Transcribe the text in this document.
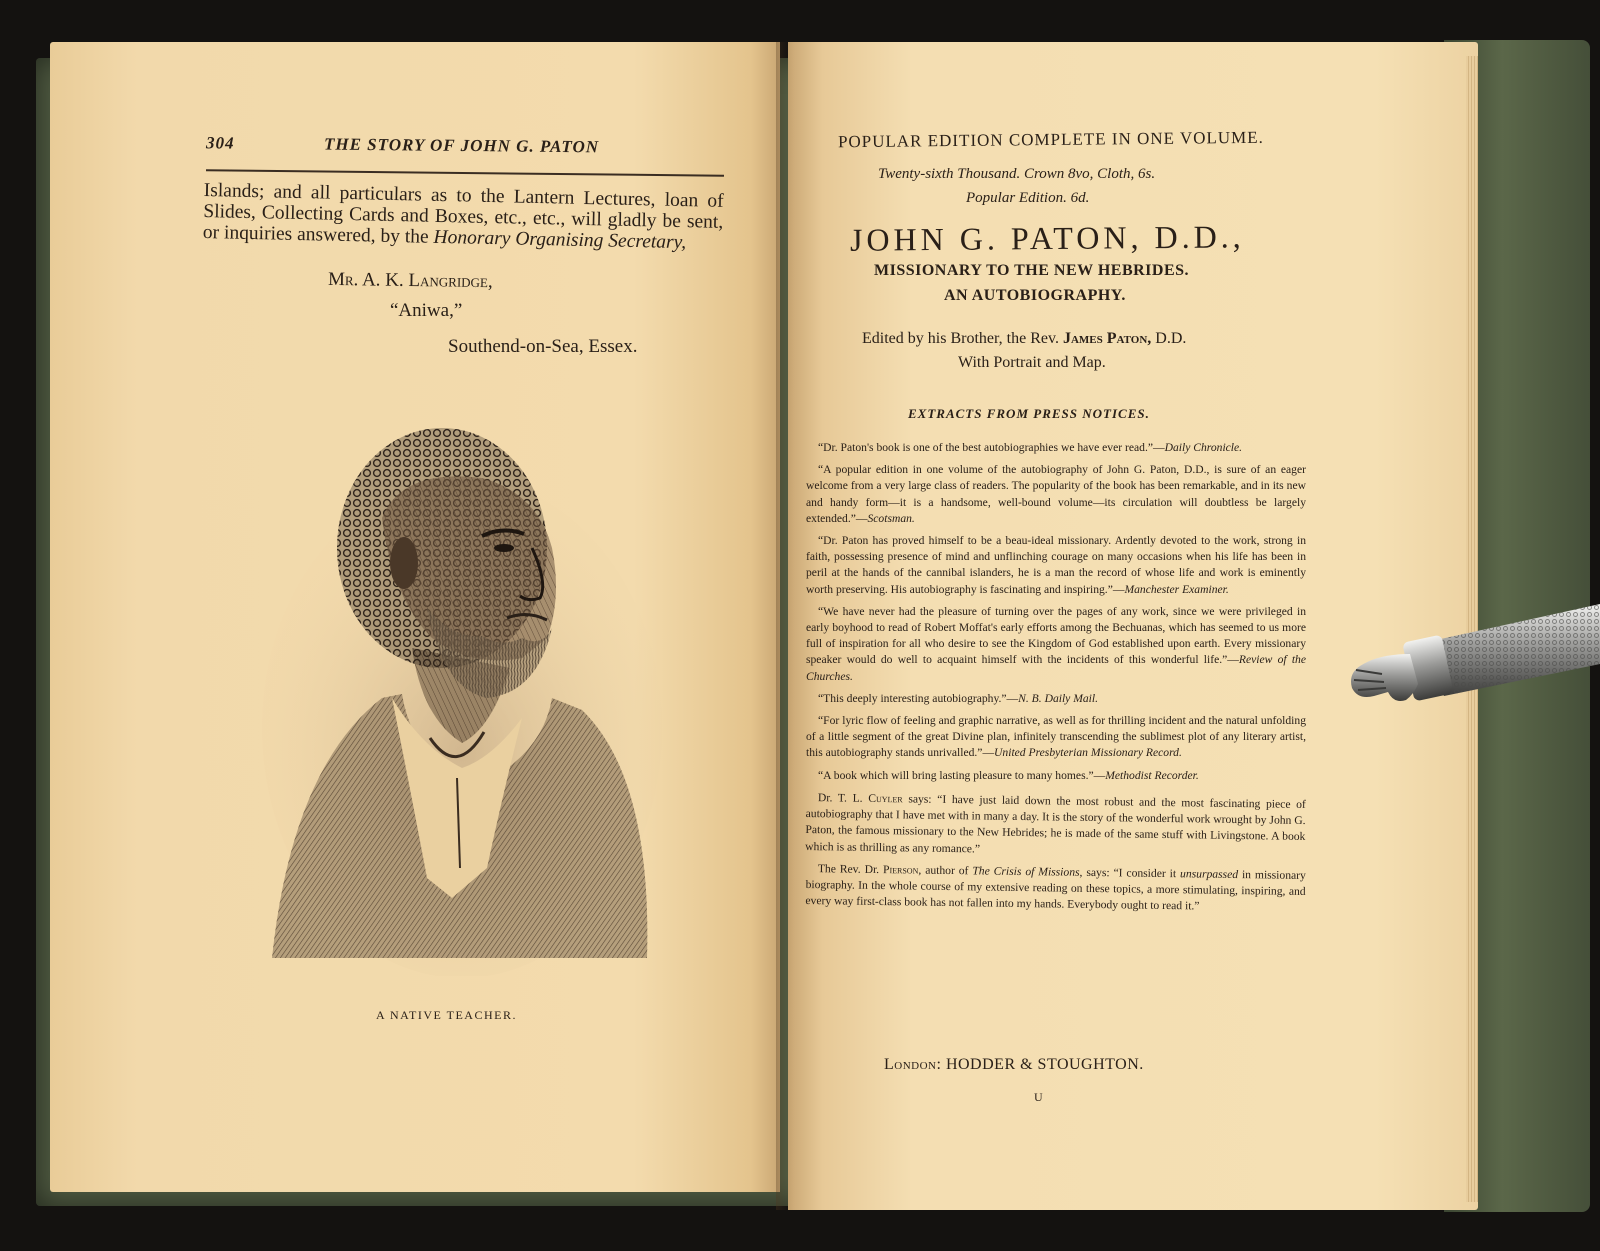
304	THE STORY OF JOHN G. PATON

Islands; and all particulars as to the Lantern Lectures, loan of Slides, Collecting Cards and Boxes, etc., etc., will gladly be sent, or inquiries answered, by the Honorary Organising Secretary,

Mr. A. K. Langridge,
“Aniwa,”
Southend-on-Sea, Essex.
A NATIVE TEACHER.
POPULAR EDITION COMPLETE IN ONE VOLUME.
Twenty-sixth Thousand. Crown 8vo, Cloth, 6s.
Popular Edition. 6d.
JOHN G. PATON, D.D.,
MISSIONARY TO THE NEW HEBRIDES.
AN AUTOBIOGRAPHY.
Edited by his Brother, the Rev. James Paton, D.D.
With Portrait and Map.
EXTRACTS FROM PRESS NOTICES.

“Dr. Paton's book is one of the best autobiographies we have ever read.”—Daily Chronicle.

“A popular edition in one volume of the autobiography of John G. Paton, D.D., is sure of an eager welcome from a very large class of readers. The popularity of the book has been remarkable, and in its new and handy form—it is a handsome, well-bound volume—its circulation will doubtless be largely extended.”—Scotsman.

“Dr. Paton has proved himself to be a beau-ideal missionary. Ardently devoted to the work, strong in faith, possessing presence of mind and unflinching courage on many occasions when his life has been in peril at the hands of the cannibal islanders, he is a man the record of whose life and work is eminently worth preserving. His autobiography is fascinating and inspiring.”—Manchester Examiner.

“We have never had the pleasure of turning over the pages of any work, since we were privileged in early boyhood to read of Robert Moffat's early efforts among the Bechuanas, which has seemed to us more full of inspiration for all who desire to see the Kingdom of God established upon earth. Every missionary speaker would do well to acquaint himself with the incidents of this wonderful life.”—Review of the Churches.

“This deeply interesting autobiography.”—N. B. Daily Mail.

“For lyric flow of feeling and graphic narrative, as well as for thrilling incident and the natural unfolding of a little segment of the great Divine plan, infinitely transcending the sublimest plot of any literary artist, this autobiography stands unrivalled.”—United Presbyterian Missionary Record.

“A book which will bring lasting pleasure to many homes.”—Methodist Recorder.

Dr. T. L. Cuyler says: “I have just laid down the most robust and the most fascinating piece of autobiography that I have met with in many a day. It is the story of the wonderful work wrought by John G. Paton, the famous missionary to the New Hebrides; he is made of the same stuff with Livingstone. A book which is as thrilling as any romance.”

The Rev. Dr. Pierson, author of The Crisis of Missions, says: “I consider it unsurpassed in missionary biography. In the whole course of my extensive reading on these topics, a more stimulating, inspiring, and every way first-class book has not fallen into my hands. Everybody ought to read it.”

London: HODDER & STOUGHTON.
U
